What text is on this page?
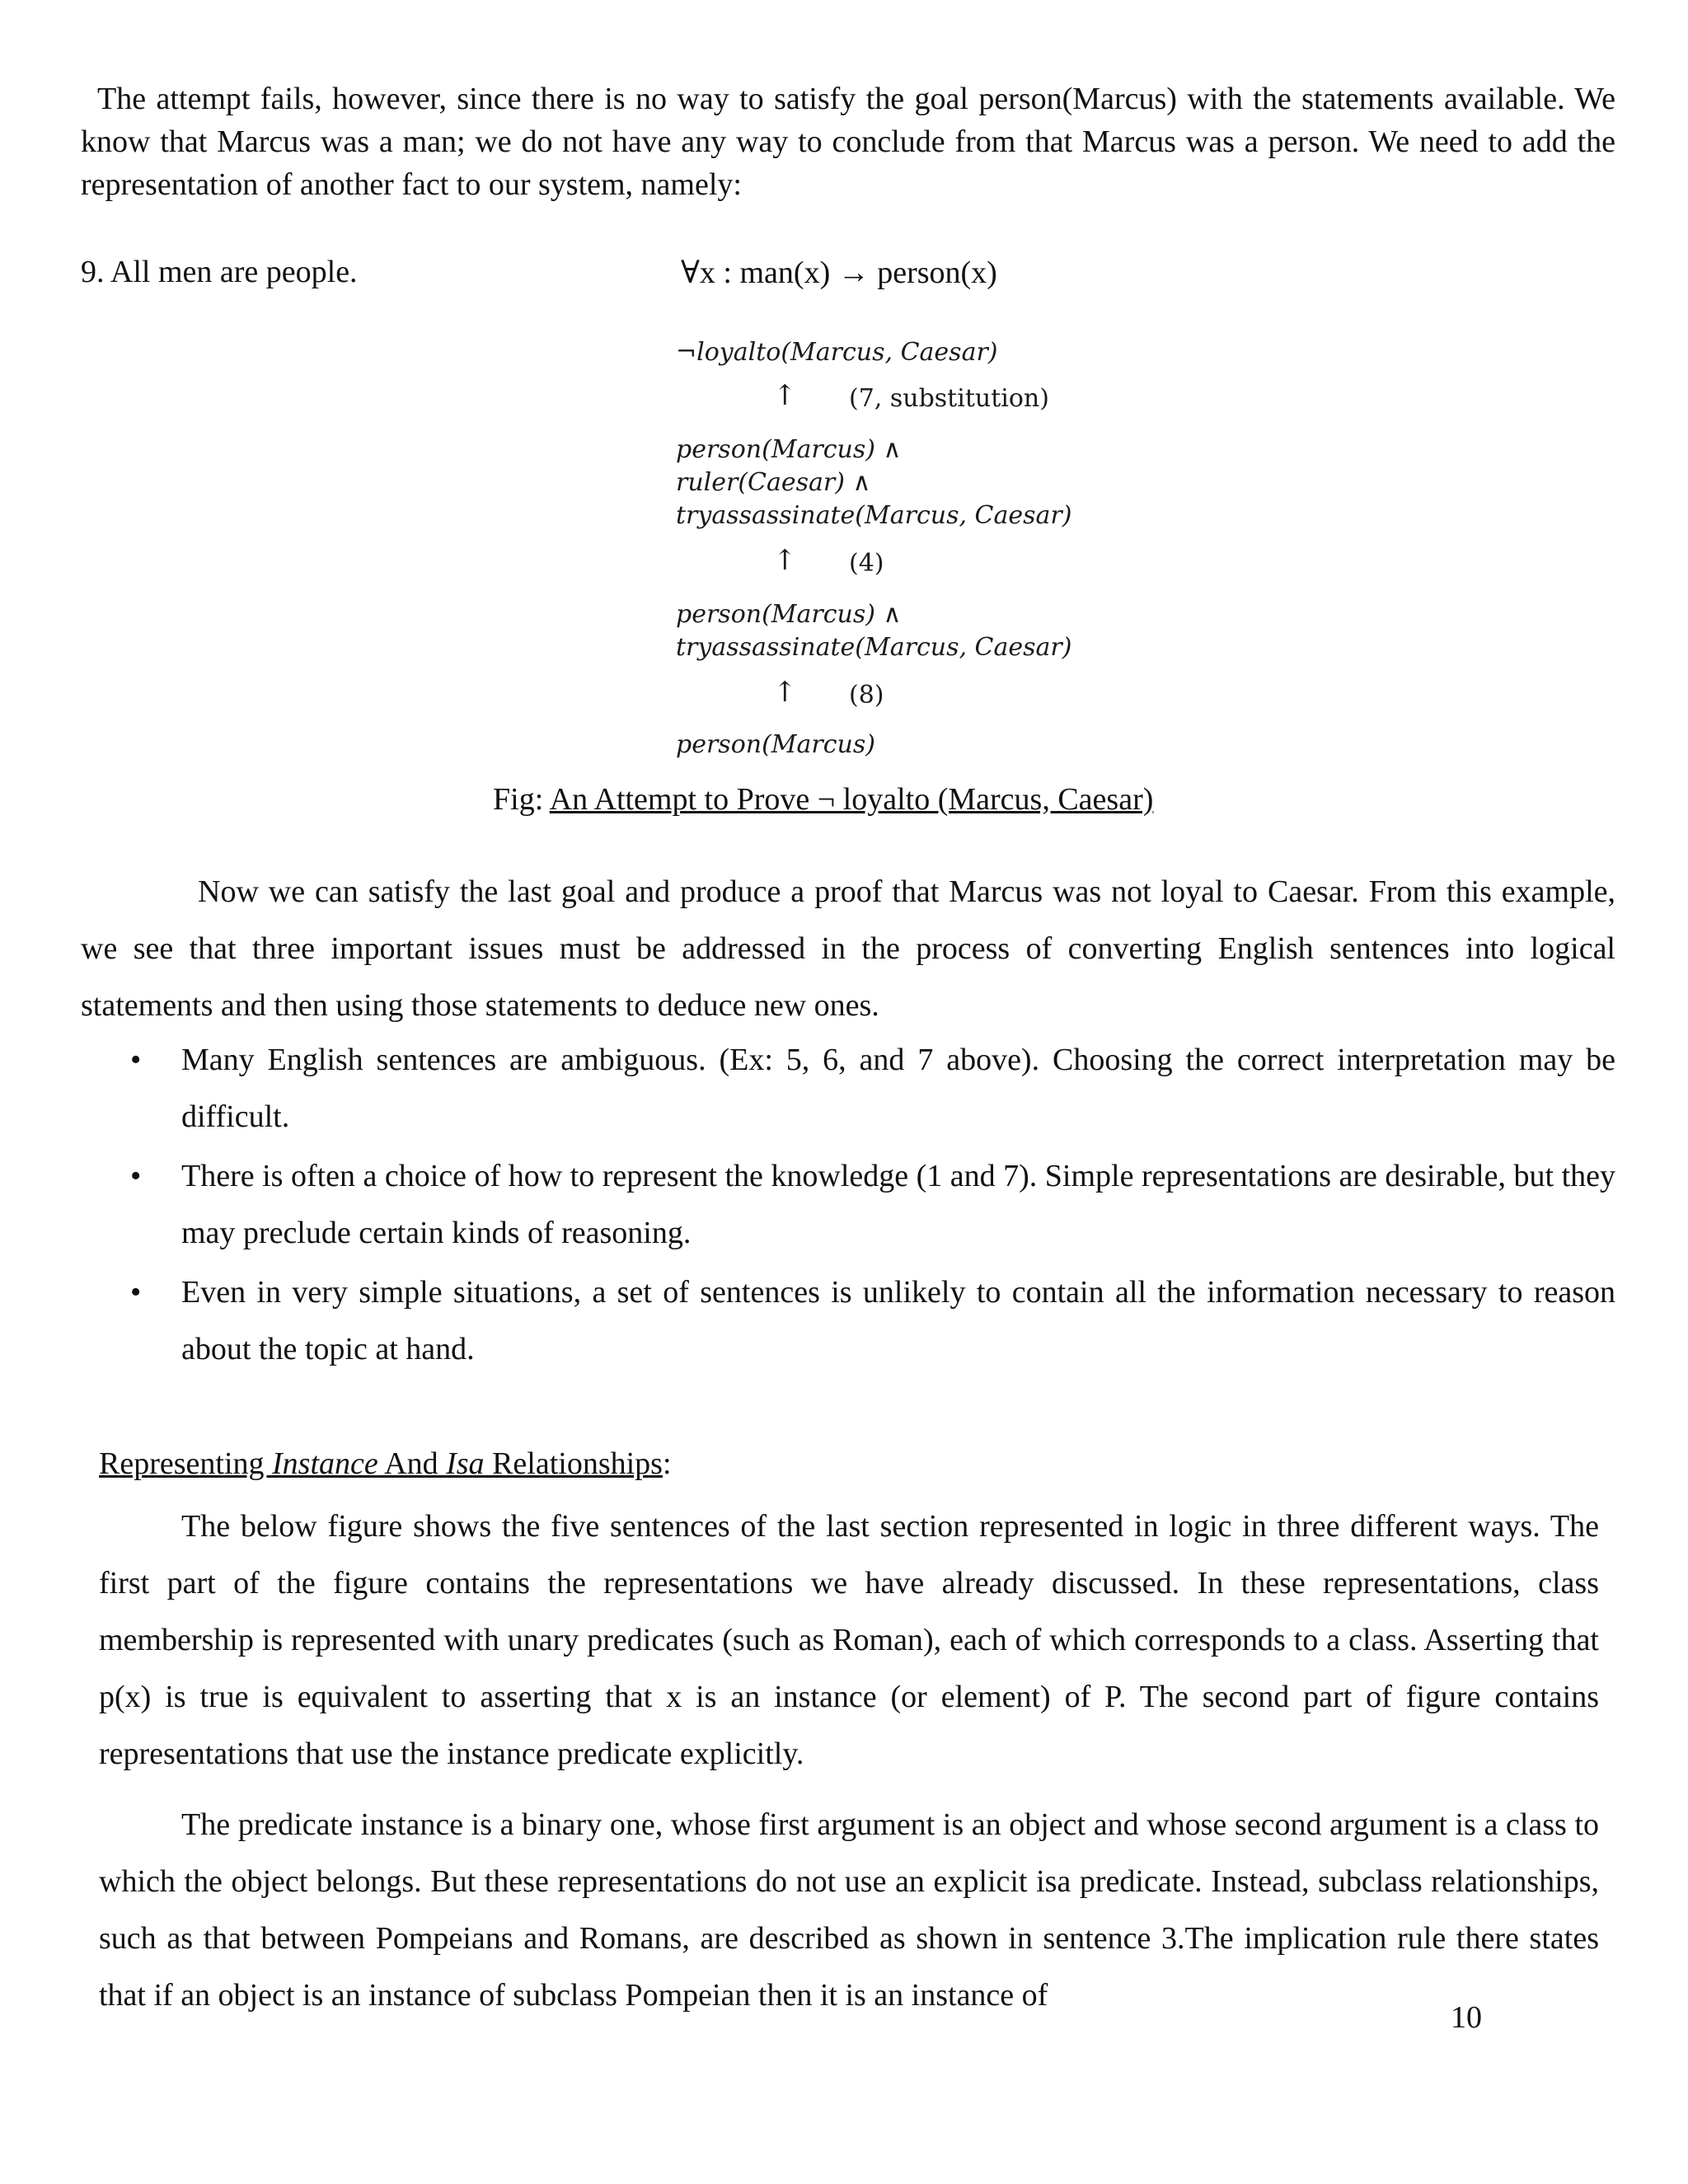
The attempt fails, however, since there is no way to satisfy the goal person(Marcus) with the statements available. We know that Marcus was a man; we do not have any way to conclude from that Marcus was a person. We need to add the representation of another fact to our system, namely:

9. All men are people.	∀x : man(x) → person(x)
¬loyalto(Marcus, Caesar)
↑ (7, substitution)
person(Marcus) ∧
ruler(Caesar) ∧
tryassassinate(Marcus, Caesar)
↑ (4)
person(Marcus) ∧
tryassassinate(Marcus, Caesar)
↑ (8)
person(Marcus)
Fig: An Attempt to Prove ¬ loyalto (Marcus, Caesar)

Now we can satisfy the last goal and produce a proof that Marcus was not loyal to Caesar. From this example, we see that three important issues must be addressed in the process of converting English sentences into logical statements and then using those statements to deduce new ones.

• Many English sentences are ambiguous. (Ex: 5, 6, and 7 above). Choosing the correct interpretation may be difficult.
• There is often a choice of how to represent the knowledge (1 and 7). Simple representations are desirable, but they may preclude certain kinds of reasoning.
• Even in very simple situations, a set of sentences is unlikely to contain all the information necessary to reason about the topic at hand.
Representing Instance And Isa Relationships:

The below figure shows the five sentences of the last section represented in logic in three different ways. The first part of the figure contains the representations we have already discussed. In these representations, class membership is represented with unary predicates (such as Roman), each of which corresponds to a class. Asserting that p(x) is true is equivalent to asserting that x is an instance (or element) of P. The second part of figure contains representations that use the instance predicate explicitly.

The predicate instance is a binary one, whose first argument is an object and whose second argument is a class to which the object belongs. But these representations do not use an explicit isa predicate. Instead, subclass relationships, such as that between Pompeians and Romans, are described as shown in sentence 3.The implication rule there states that if an object is an instance of subclass Pompeian then it is an instance of

10
